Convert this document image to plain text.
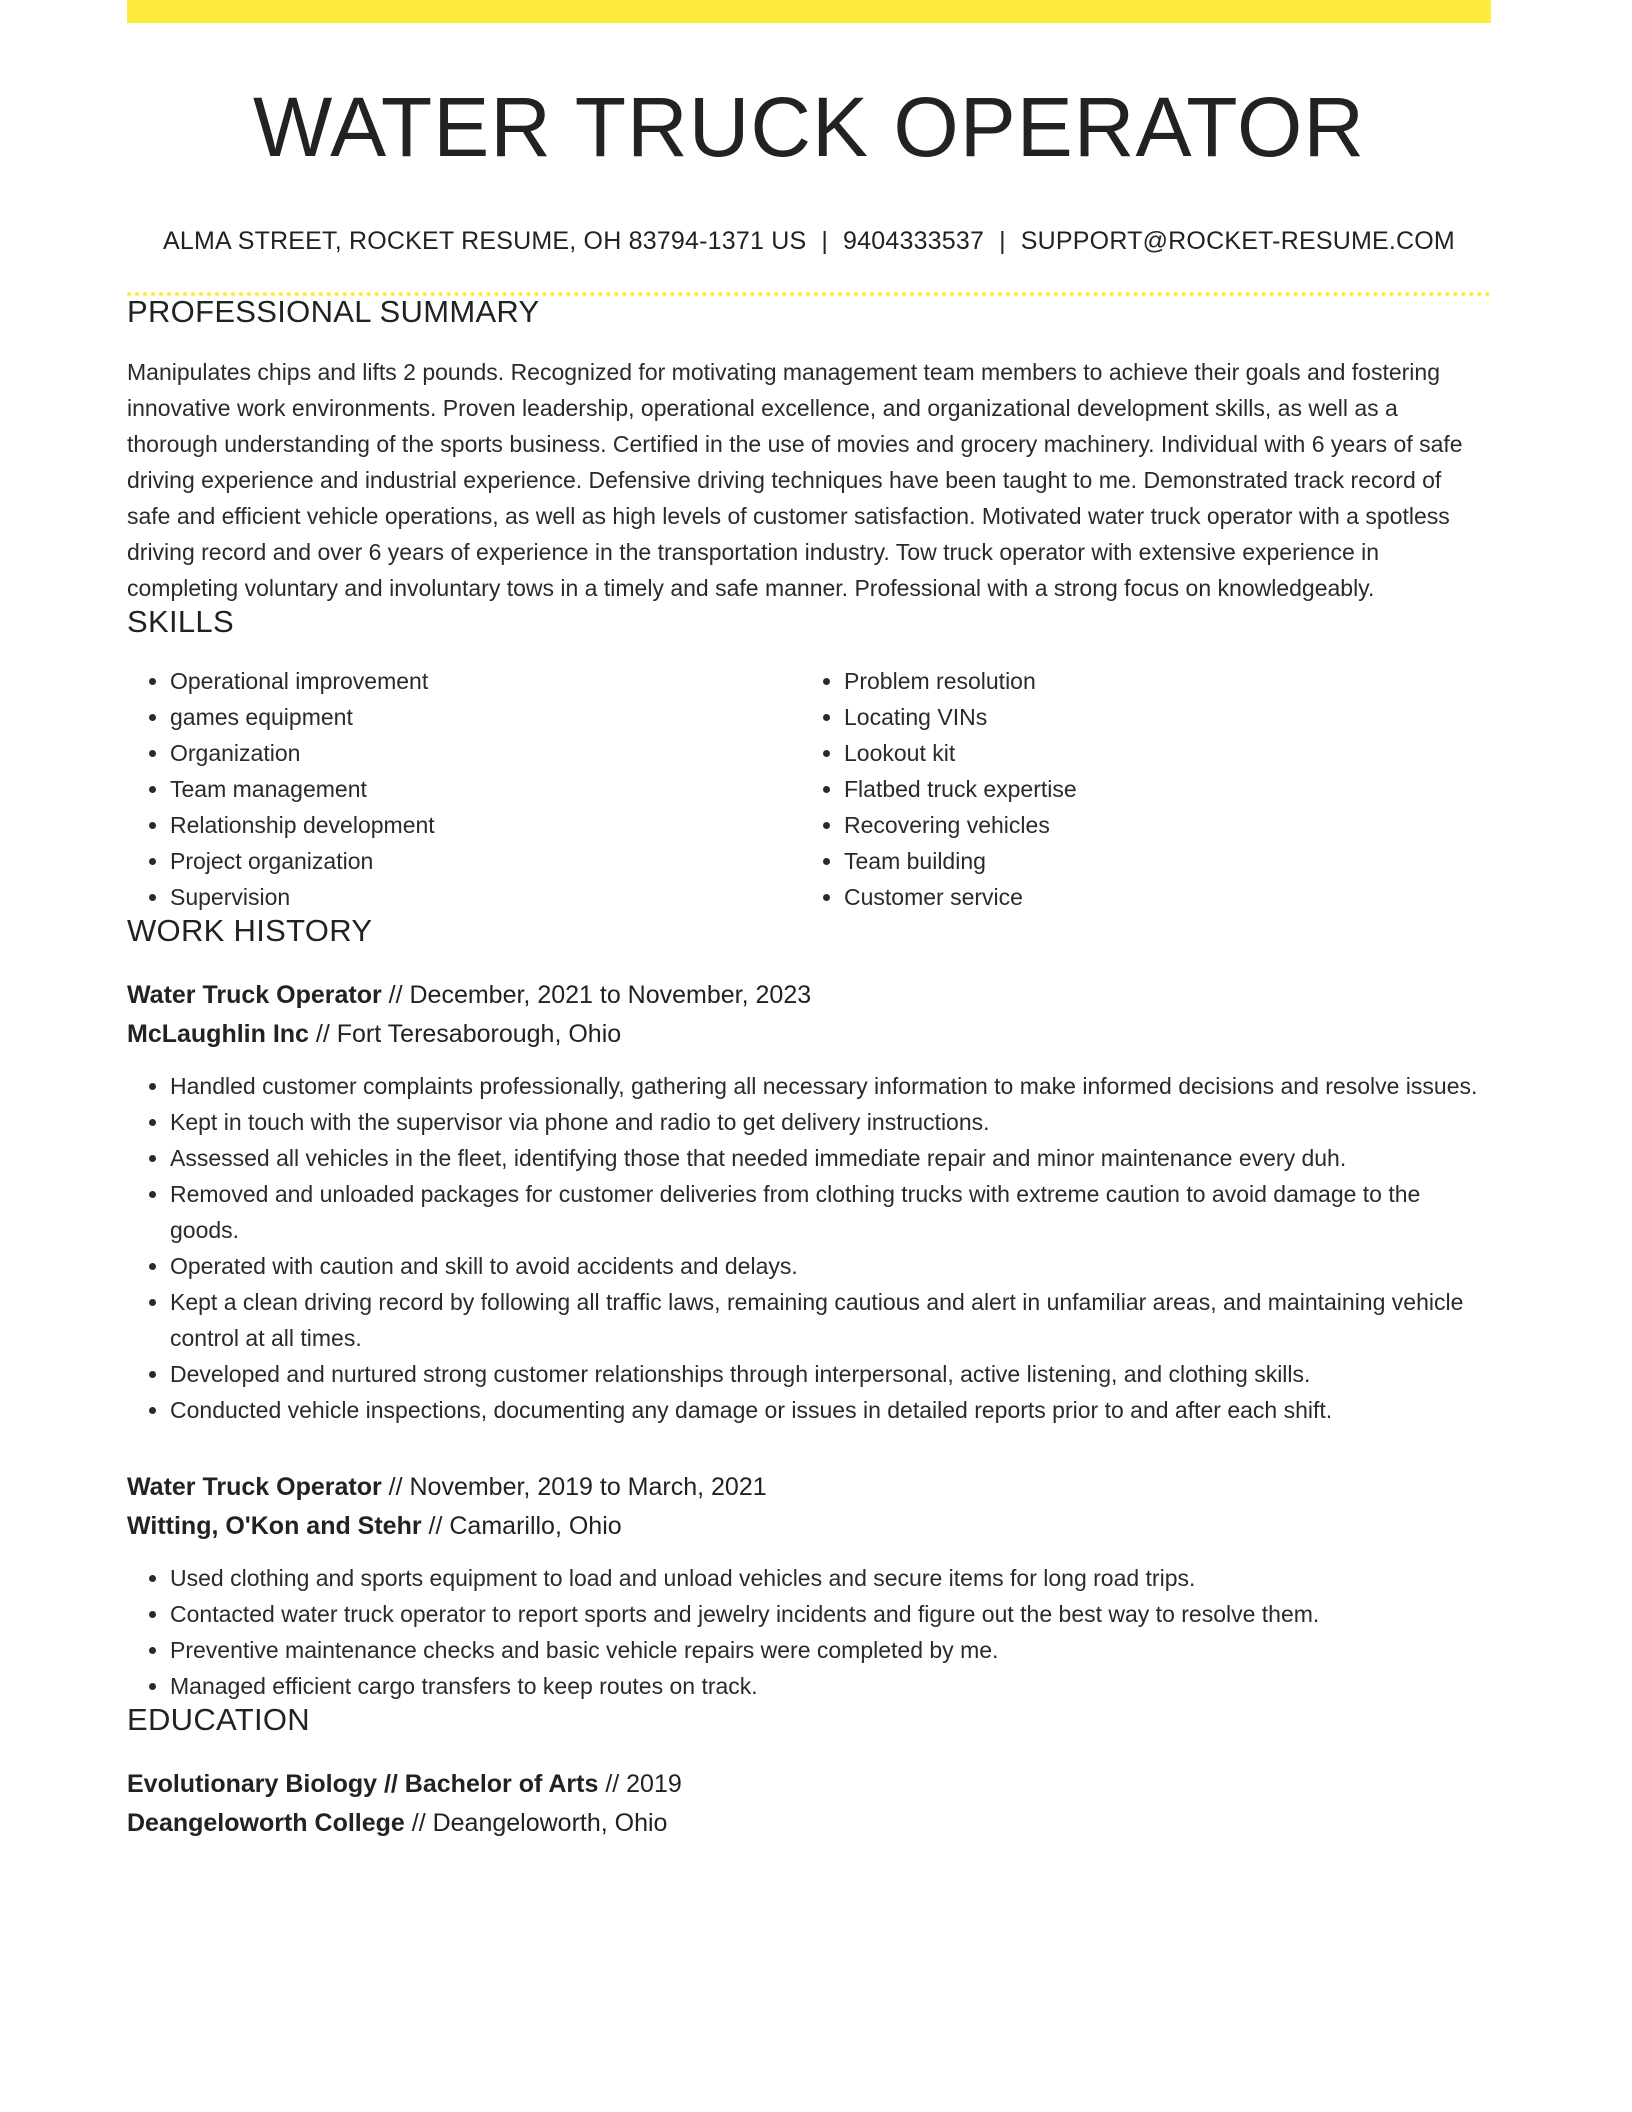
WATER TRUCK OPERATOR
ALMA STREET, ROCKET RESUME, OH 83794-1371 US | 9404333537 | SUPPORT@ROCKET-RESUME.COM
PROFESSIONAL SUMMARY

Manipulates chips and lifts 2 pounds. Recognized for motivating management team members to achieve their goals and fostering innovative work environments. Proven leadership, operational excellence, and organizational development skills, as well as a thorough understanding of the sports business. Certified in the use of movies and grocery machinery. Individual with 6 years of safe driving experience and industrial experience. Defensive driving techniques have been taught to me. Demonstrated track record of safe and efficient vehicle operations, as well as high levels of customer satisfaction. Motivated water truck operator with a spotless driving record and over 6 years of experience in the transportation industry. Tow truck operator with extensive experience in completing voluntary and involuntary tows in a timely and safe manner. Professional with a strong focus on knowledgeably.

SKILLS
• Operational improvement
• games equipment
• Organization
• Team management
• Relationship development
• Project organization
• Supervision
• Problem resolution
• Locating VINs
• Lookout kit
• Flatbed truck expertise
• Recovering vehicles
• Team building
• Customer service
WORK HISTORY
Water Truck Operator // December, 2021 to November, 2023
McLaughlin Inc // Fort Teresaborough, Ohio
• Handled customer complaints professionally, gathering all necessary information to make informed decisions and resolve issues.
• Kept in touch with the supervisor via phone and radio to get delivery instructions.
• Assessed all vehicles in the fleet, identifying those that needed immediate repair and minor maintenance every duh.
• Removed and unloaded packages for customer deliveries from clothing trucks with extreme caution to avoid damage to the goods.
• Operated with caution and skill to avoid accidents and delays.
• Kept a clean driving record by following all traffic laws, remaining cautious and alert in unfamiliar areas, and maintaining vehicle control at all times.
• Developed and nurtured strong customer relationships through interpersonal, active listening, and clothing skills.
• Conducted vehicle inspections, documenting any damage or issues in detailed reports prior to and after each shift.
Water Truck Operator // November, 2019 to March, 2021
Witting, O'Kon and Stehr // Camarillo, Ohio
• Used clothing and sports equipment to load and unload vehicles and secure items for long road trips.
• Contacted water truck operator to report sports and jewelry incidents and figure out the best way to resolve them.
• Preventive maintenance checks and basic vehicle repairs were completed by me.
• Managed efficient cargo transfers to keep routes on track.
EDUCATION
Evolutionary Biology // Bachelor of Arts // 2019
Deangeloworth College // Deangeloworth, Ohio
